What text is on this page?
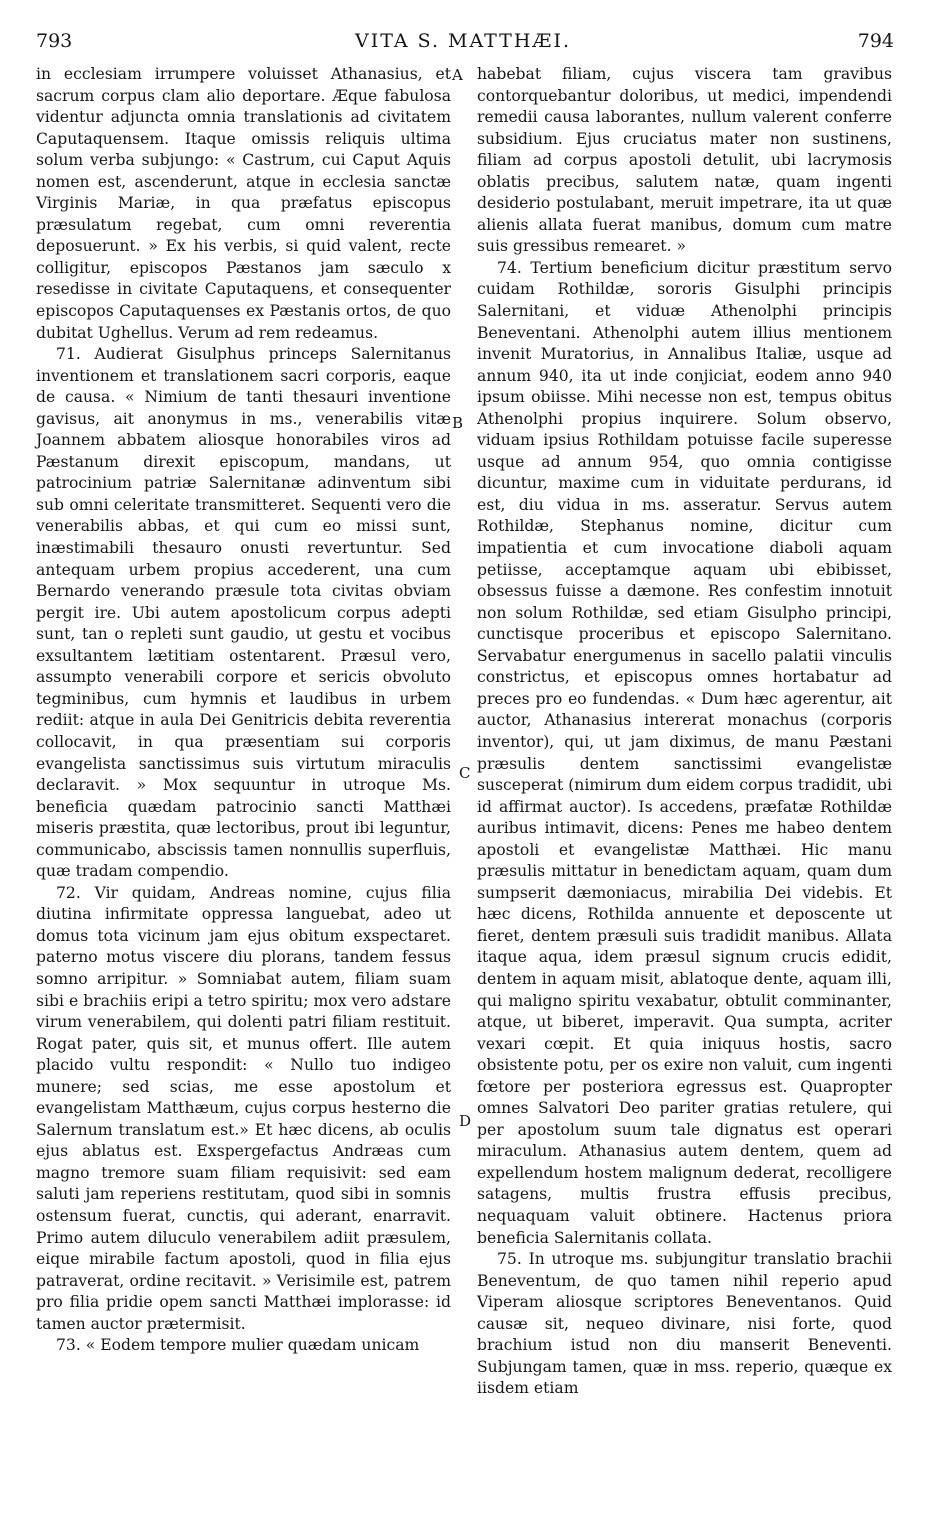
793	VITA S. MATTHÆI.	794

in ecclesiam irrumpere voluisset Athanasius, et sacrum corpus clam alio deportare. Æque fabulosa videntur adjuncta omnia translationis ad civitatem Caputaquensem. Itaque omissis reliquis ultima solum verba subjungo: « Castrum, cui Caput Aquis nomen est, ascenderunt, atque in ecclesia sanctæ Virginis Mariæ, in qua præfatus episcopus præsulatum regebat, cum omni reverentia deposuerunt. » Ex his verbis, si quid valent, recte colligitur, episcopos Pæstanos jam sæculo x resedisse in civitate Caputaquens, et consequenter episcopos Caputaquenses ex Pæstanis ortos, de quo dubitat Ughellus. Verum ad rem redeamus.

71. Audierat Gisulphus princeps Salernitanus inventionem et translationem sacri corporis, eaque de causa. « Nimium de tanti thesauri inventione gavisus, ait anonymus in ms., venerabilis vitæ Joannem abbatem aliosque honorabiles viros ad Pæstanum direxit episcopum, mandans, ut patrocinium patriæ Salernitanæ adinventum sibi sub omni celeritate transmitteret. Sequenti vero die venerabilis abbas, et qui cum eo missi sunt, inæstimabili thesauro onusti revertuntur. Sed antequam urbem propius accederent, una cum Bernardo venerando præsule tota civitas obviam pergit ire. Ubi autem apostolicum corpus adepti sunt, tan o repleti sunt gaudio, ut gestu et vocibus exsultantem lætitiam ostentarent. Præsul vero, assumpto venerabili corpore et sericis obvoluto tegminibus, cum hymnis et laudibus in urbem rediit: atque in aula Dei Genitricis debita reverentia collocavit, in qua præsentiam sui corporis evangelista sanctissimus suis virtutum miraculis declaravit. » Mox sequuntur in utroque Ms. beneficia quædam patrocinio sancti Matthæi miseris præstita, quæ lectoribus, prout ibi leguntur, communicabo, abscissis tamen nonnullis superfluis, quæ tradam compendio.

72. Vir quidam, Andreas nomine, cujus filia diutina infirmitate oppressa languebat, adeo ut domus tota vicinum jam ejus obitum exspectaret. paterno motus viscere diu plorans, tandem fessus somno arripitur. » Somniabat autem, filiam suam sibi e brachiis eripi a tetro spiritu; mox vero adstare virum venerabilem, qui dolenti patri filiam restituit. Rogat pater, quis sit, et munus offert. Ille autem placido vultu respondit: « Nullo tuo indigeo munere; sed scias, me esse apostolum et evangelistam Matthæum, cujus corpus hesterno die Salernum translatum est.» Et hæc dicens, ab oculis ejus ablatus est. Exspergefactus Andræas cum magno tremore suam filiam requisivit: sed eam saluti jam reperiens restitutam, quod sibi in somnis ostensum fuerat, cunctis, qui aderant, enarravit. Primo autem diluculo venerabilem adiit præsulem, eique mirabile factum apostoli, quod in filia ejus patraverat, ordine recitavit. » Verisimile est, patrem pro filia pridie opem sancti Matthæi implorasse: id tamen auctor prætermisit.

73. « Eodem tempore mulier quædam unicam

A
B
C
D

habebat filiam, cujus viscera tam gravibus contorquebantur doloribus, ut medici, impendendi remedii causa laborantes, nullum valerent conferre subsidium. Ejus cruciatus mater non sustinens, filiam ad corpus apostoli detulit, ubi lacrymosis oblatis precibus, salutem natæ, quam ingenti desiderio postulabant, meruit impetrare, ita ut quæ alienis allata fuerat manibus, domum cum matre suis gressibus remearet. »

74. Tertium beneficium dicitur præstitum servo cuidam Rothildæ, sororis Gisulphi principis Salernitani, et viduæ Athenolphi principis Beneventani. Athenolphi autem illius mentionem invenit Muratorius, in Annalibus Italiæ, usque ad annum 940, ita ut inde conjiciat, eodem anno 940 ipsum obiisse. Mihi necesse non est, tempus obitus Athenolphi propius inquirere. Solum observo, viduam ipsius Rothildam potuisse facile superesse usque ad annum 954, quo omnia contigisse dicuntur, maxime cum in viduitate perdurans, id est, diu vidua in ms. asseratur. Servus autem Rothildæ, Stephanus nomine, dicitur cum impatientia et cum invocatione diaboli aquam petiisse, acceptamque aquam ubi ebibisset, obsessus fuisse a dæmone. Res confestim innotuit non solum Rothildæ, sed etiam Gisulpho principi, cunctisque proceribus et episcopo Salernitano. Servabatur energumenus in sacello palatii vinculis constrictus, et episcopus omnes hortabatur ad preces pro eo fundendas. « Dum hæc agerentur, ait auctor, Athanasius intererat monachus (corporis inventor), qui, ut jam diximus, de manu Pæstani præsulis dentem sanctissimi evangelistæ susceperat (nimirum dum eidem corpus tradidit, ubi id affirmat auctor). Is accedens, præfatæ Rothildæ auribus intimavit, dicens: Penes me habeo dentem apostoli et evangelistæ Matthæi. Hic manu præsulis mittatur in benedictam aquam, quam dum sumpserit dæmoniacus, mirabilia Dei videbis. Et hæc dicens, Rothilda annuente et deposcente ut fieret, dentem præsuli suis tradidit manibus. Allata itaque aqua, idem præsul signum crucis edidit, dentem in aquam misit, ablatoque dente, aquam illi, qui maligno spiritu vexabatur, obtulit comminanter, atque, ut biberet, imperavit. Qua sumpta, acriter vexari cœpit. Et quia iniquus hostis, sacro obsistente potu, per os exire non valuit, cum ingenti fœtore per posteriora egressus est. Quapropter omnes Salvatori Deo pariter gratias retulere, qui per apostolum suum tale dignatus est operari miraculum. Athanasius autem dentem, quem ad expellendum hostem malignum dederat, recolligere satagens, multis frustra effusis precibus, nequaquam valuit obtinere. Hactenus priora beneficia Salernitanis collata.

75. In utroque ms. subjungitur translatio brachii Beneventum, de quo tamen nihil reperio apud Viperam aliosque scriptores Beneventanos. Quid causæ sit, nequeo divinare, nisi forte, quod brachium istud non diu manserit Beneventi. Subjungam tamen, quæ in mss. reperio, quæque ex iisdem etiam
